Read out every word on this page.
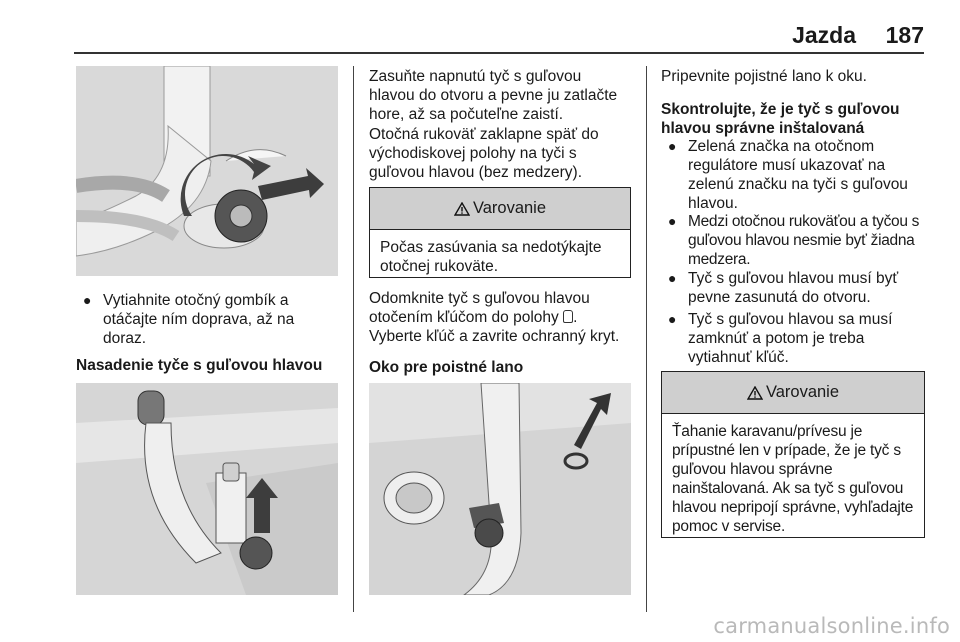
Jazda 187
● Vytiahnite otočný gombík a otáčajte ním doprava, až na doraz.

Nasadenie tyče s guľovou hlavou

Zasuňte napnutú tyč s guľovou hlavou do otvoru a pevne ju zatlačte hore, až sa počuteľne zaistí.

Otočná rukoväť zaklapne späť do východiskovej polohy na tyči s guľovou hlavou (bez medzery).

Varovanie
Počas zasúvania sa nedotýkajte otočnej rukoväte.

Odomknite tyč s guľovou hlavou otočením kľúčom do polohy .

Vyberte kľúč a zavrite ochranný kryt.

Oko pre poistné lano

Pripevnite pojistné lano k oku.

Skontrolujte, že je tyč s guľovou hlavou správne inštalovaná

● Zelená značka na otočnom regulátore musí ukazovať na zelenú značku na tyči s guľovou hlavou.
● Medzi otočnou rukoväťou a tyčou s guľovou hlavou nesmie byť žiadna medzera.
● Tyč s guľovou hlavou musí byť pevne zasunutá do otvoru.
● Tyč s guľovou hlavou sa musí zamknúť a potom je treba vytiahnuť kľúč.
Varovanie
Ťahanie karavanu/prívesu je prípustné len v prípade, že je tyč s guľovou hlavou správne nainštalovaná. Ak sa tyč s guľovou hlavou nepripojí správne, vyhľadajte pomoc v servise.
carmanualsonline.info
